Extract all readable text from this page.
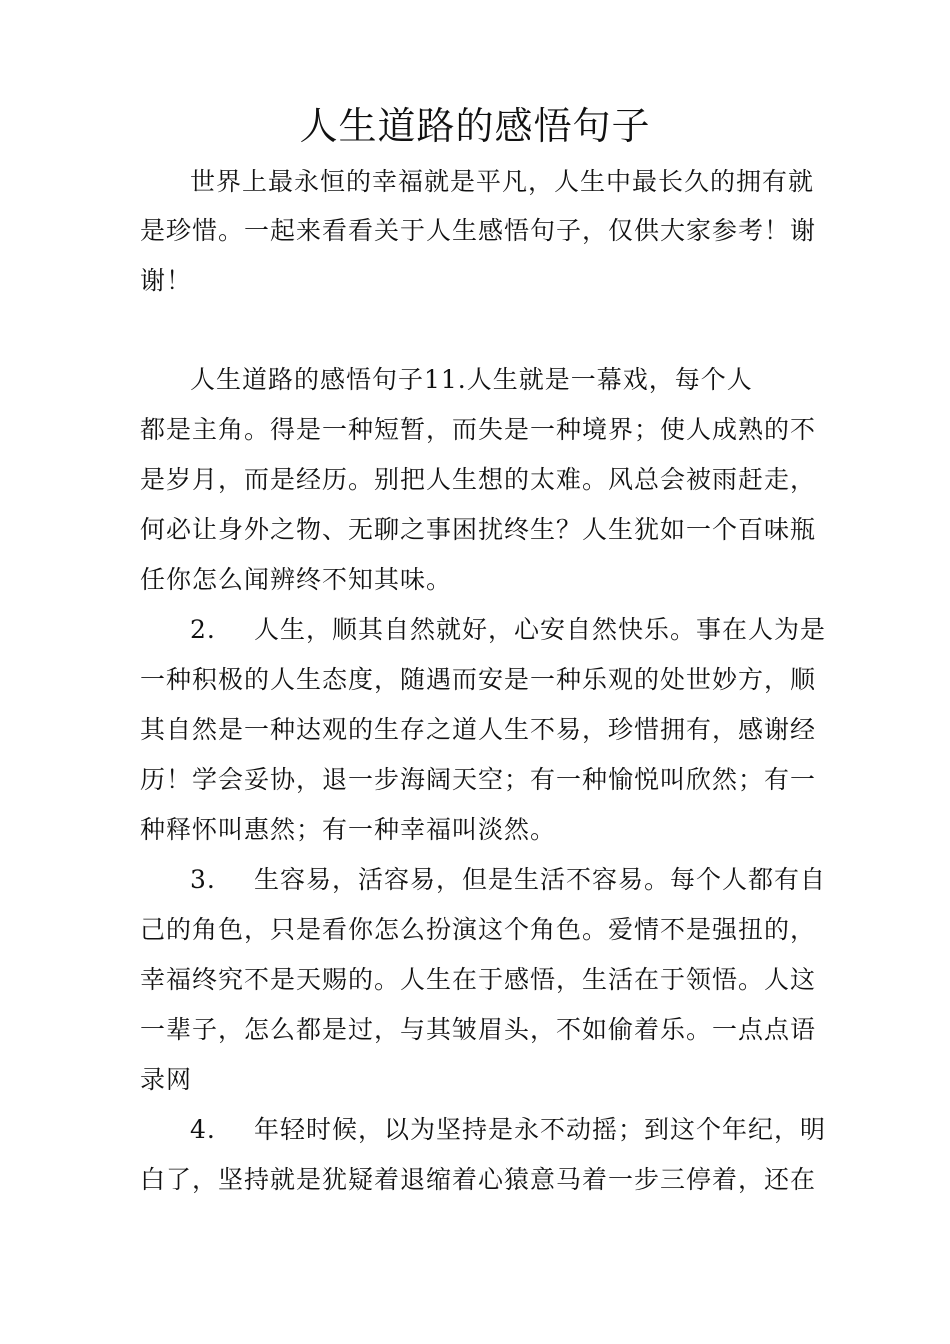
人生道路的感悟句子

世界上最永恒的幸福就是平凡，人生中最长久的拥有就

是珍惜。一起来看看关于人生感悟句子，仅供大家参考！谢

谢！

人生道路的感悟句子11.人生就是一幕戏，每个人

都是主角。得是一种短暂，而失是一种境界；使人成熟的不

是岁月，而是经历。别把人生想的太难。风总会被雨赶走，

何必让身外之物、无聊之事困扰终生？人生犹如一个百味瓶

任你怎么闻辨终不知其味。

2. 人生，顺其自然就好，心安自然快乐。事在人为是

一种积极的人生态度，随遇而安是一种乐观的处世妙方，顺

其自然是一种达观的生存之道人生不易，珍惜拥有，感谢经

历！学会妥协，退一步海阔天空；有一种愉悦叫欣然；有一

种释怀叫惠然；有一种幸福叫淡然。

3. 生容易，活容易，但是生活不容易。每个人都有自

己的角色，只是看你怎么扮演这个角色。爱情不是强扭的，

幸福终究不是天赐的。人生在于感悟，生活在于领悟。人这

一辈子，怎么都是过，与其皱眉头，不如偷着乐。一点点语

录网

4. 年轻时候，以为坚持是永不动摇；到这个年纪，明

白了，坚持就是犹疑着退缩着心猿意马着一步三停着，还在
